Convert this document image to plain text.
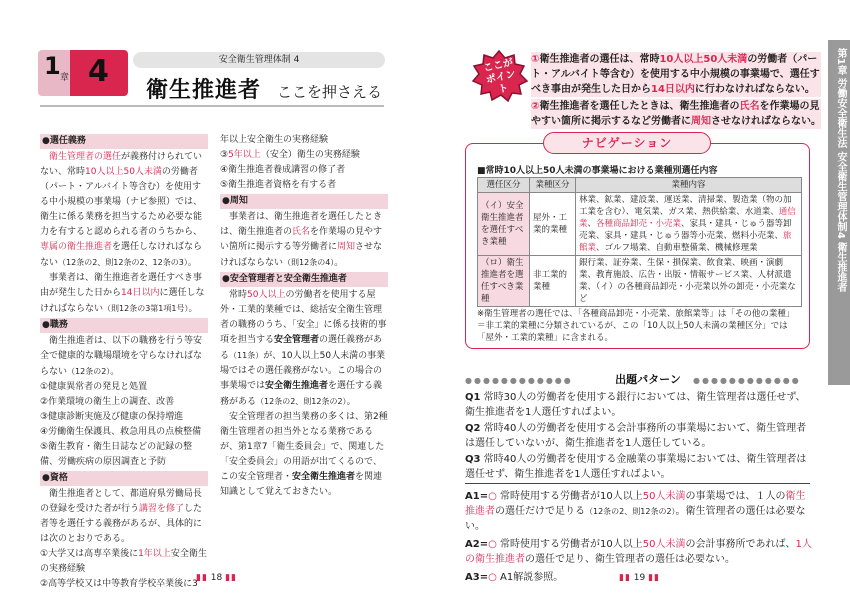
1 章 4	安全衛生管理体制 4
衛生推進者 ここを押さえる
●選任義務
衛生管理者の選任が義務付けられていない、常時10人以上50人未満の労働者（パート・アルバイト等含む）を使用する中小規模の事業場（ナビ参照）では、衛生に係る業務を担当するため必要な能力を有すると認められる者のうちから、専属の衛生推進者を選任しなければならない（12条の2、則12条の2、12条の3）。
事業者は、衛生推進者を選任すべき事由が発生した日から14日以内に選任しなければならない（則12条の3第1項1号）。
●職務
衛生推進者は、以下の職務を行う等安全で健康的な職場環境を守らなければならない（12条の2）。
①健康異常者の発見と処置
②作業環境の衛生上の調査、改善
③健康診断実施及び健康の保持増進
④労働衛生保護具、救急用具の点検整備
⑤衛生教育・衛生日誌などの記録の整備、労働疾病の原因調査と予防
●資格
衛生推進者として、都道府県労働局長の登録を受けた者が行う講習を修了した者等を選任する義務があるが、具体的には次のとおりである。
①大学又は高専卒業後に1年以上安全衛生の実務経験
②高等学校又は中等教育学校卒業後に3
年以上安全衛生の実務経験
③5年以上（安全）衛生の実務経験
④衛生推進者養成講習の修了者
⑤衛生推進者資格を有する者
●周知
事業者は、衛生推進者を選任したときは、衛生推進者の氏名を作業場の見やすい箇所に掲示する等労働者に周知させなければならない（則12条の4）。
●安全管理者と安全衛生推進者
常時50人以上の労働者を使用する屋外・工業的業種では、総括安全衛生管理者の職務のうち、「安全」に係る技術的事項を担当する安全管理者の選任義務がある（11条）が、10人以上50人未満の事業場ではその選任義務がない。この場合の事業場では安全衛生推進者を選任する義務がある（12条の2、則12条の2）。
安全管理者の担当業務の多くは、第2種衛生管理者の担当外となる業務であるが、第1章7「衛生委員会」で、関連した「安全委員会」の用語が出てくるので、この安全管理者・安全衛生推進者を関連知識として覚えておきたい。
▮▮ 18 ▮▮
ここがポイント
①衛生推進者の選任は、常時10人以上50人未満の労働者（パート・アルバイト等含む）を使用する中小規模の事業場で、選任すべき事由が発生した日から14日以内に行わなければならない。
②衛生推進者を選任したときは、衛生推進者の氏名を作業場の見やすい箇所に掲示するなど労働者に周知させなければならない。
ナビゲーション
■常時10人以上50人未満の事業場における業種別選任内容
選任区分	業種区分	業種内容
（イ）安全衛生推進者を選任すべき業種	屋外・工業的業種	林業、鉱業、建設業、運送業、清掃業、製造業（物の加工業を含む）、電気業、ガス業、熱供給業、水道業、通信業、各種商品卸売・小売業、家具・建具・じゅう器等卸売業、家具・建具・じゅう器等小売業、燃料小売業、旅館業、ゴルフ場業、自動車整備業、機械修理業
（ロ）衛生推進者を選任すべき業種	非工業的業種	銀行業、証券業、生保・損保業、飲食業、映画・演劇業、教育施設、広告・出版・情報サービス業、人材派遣業、（イ）の各種商品卸売・小売業以外の卸売・小売業など
※衛生管理者の選任では、「各種商品卸売・小売業、旅館業等」は「その他の業種」＝非工業的業種に分類されているが、この「10人以上50人未満の業種区分」では「屋外・工業的業種」に含まれる。
●●●●●●●●●●●●	●●●●●●●●●●●●
出題パターン
Q1 常時30人の労働者を使用する銀行においては、衛生管理者は選任せず、衛生推進者を1人選任すればよい。
Q2 常時40人の労働者を使用する会計事務所の事業場において、衛生管理者は選任していないが、衛生推進者を1人選任している。
Q3 常時40人の労働者を使用する金融業の事業場においては、衛生管理者は選任せず、衛生推進者を1人選任すればよい。
A1=○ 常時使用する労働者が10人以上50人未満の事業場では、１人の衛生推進者の選任だけで足りる（12条の2、則12条の2）。衛生管理者の選任は必要ない。
A2=○ 常時使用する労働者が10人以上50人未満の会計事務所であれば、1人の衛生推進者の選任で足り、衛生管理者の選任は必要ない。
A3=○ A1解説参照。	▮▮ 19 ▮▮
第1章 労働安全衛生法 安全衛生管理体制4 衛生推進者
